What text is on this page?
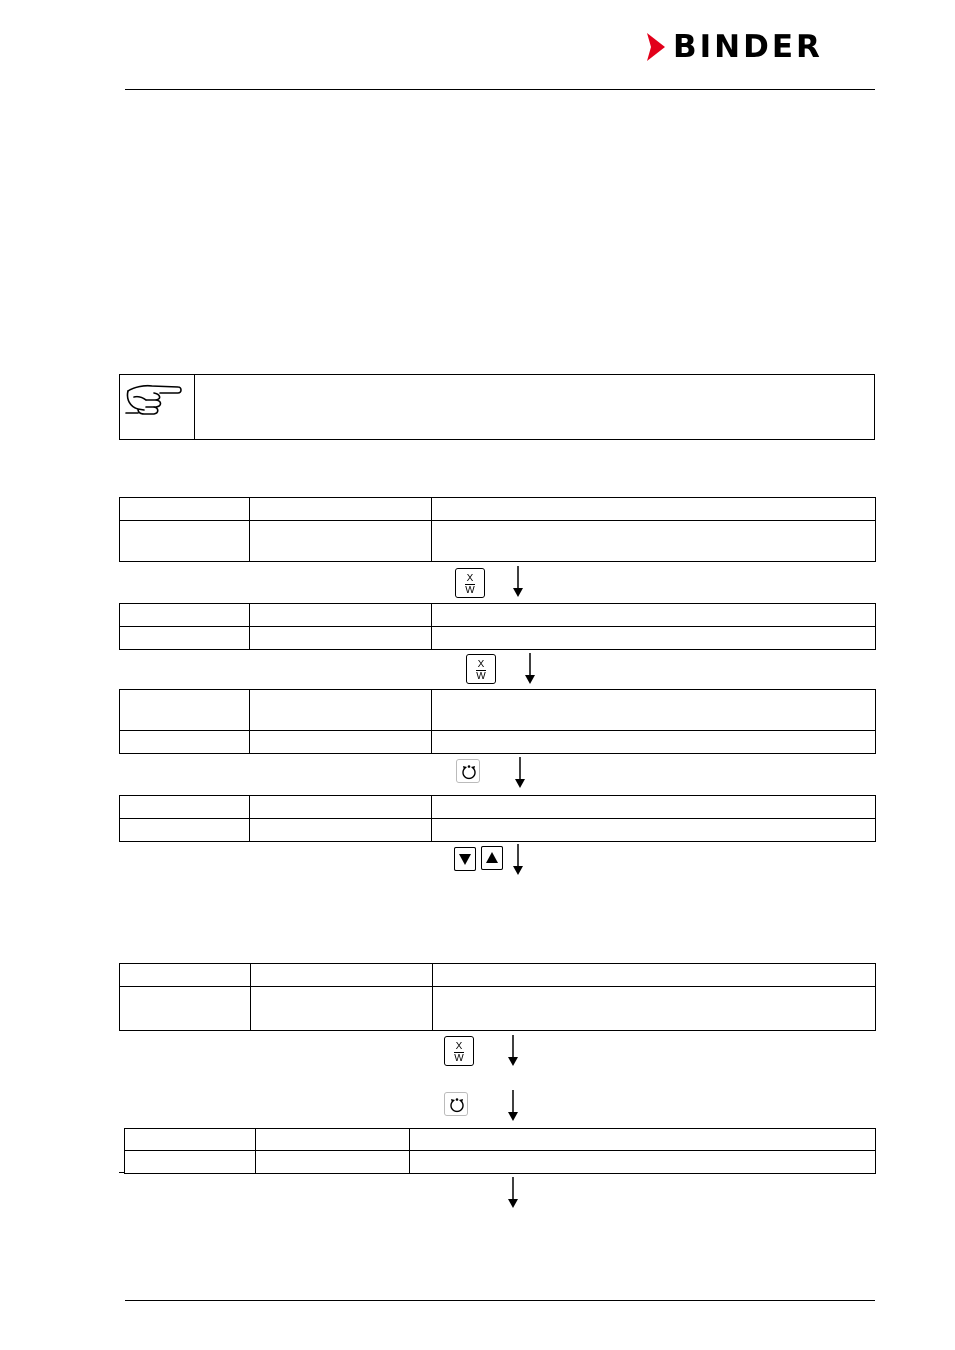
BINDER

X
W

X
W

X
W
